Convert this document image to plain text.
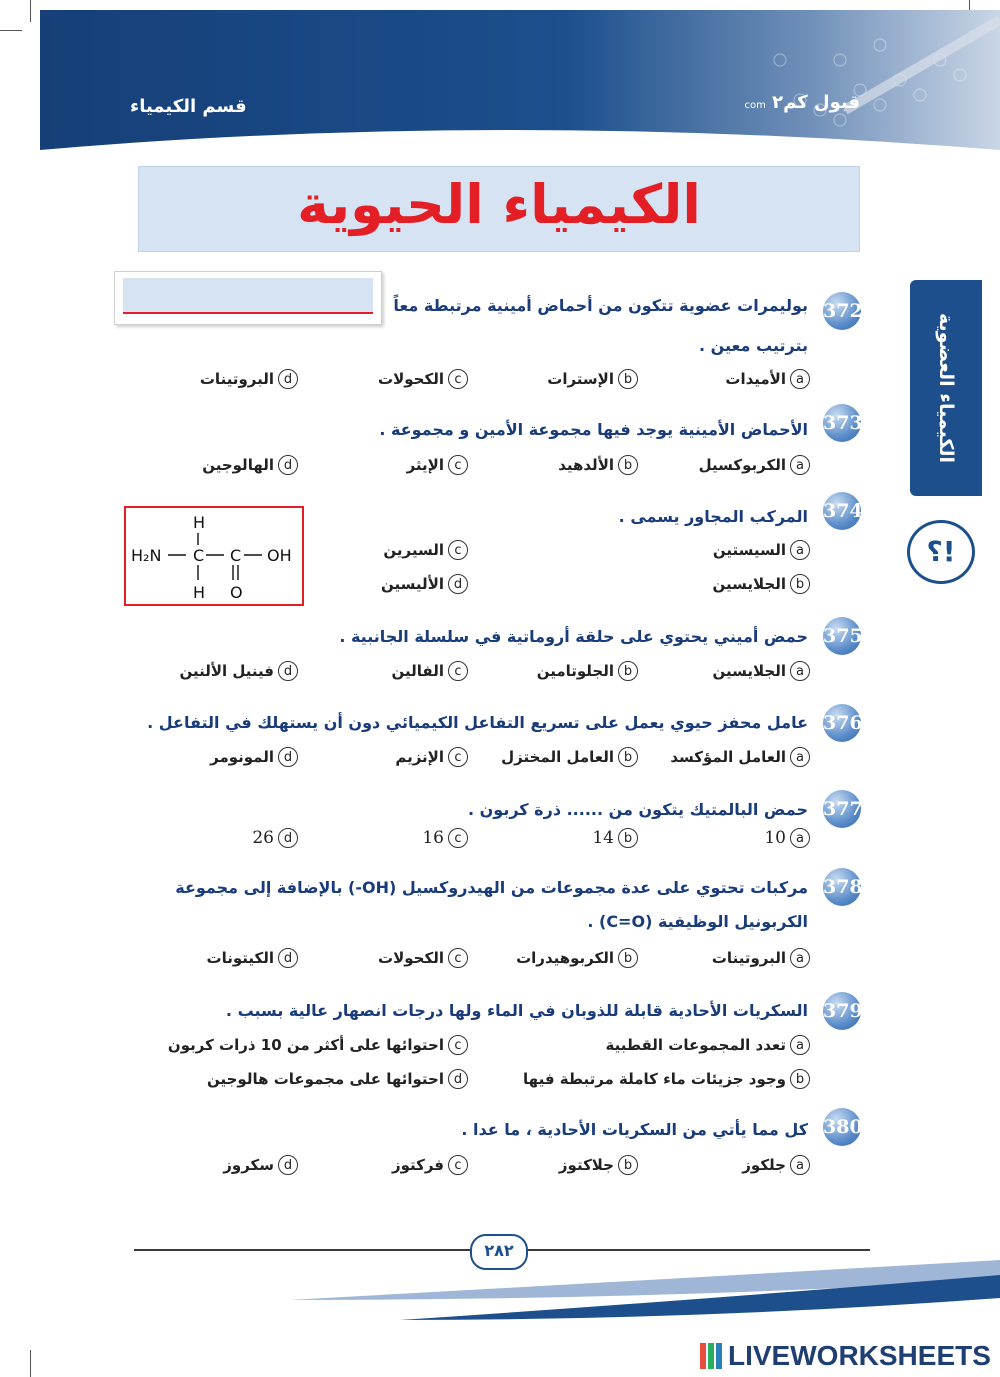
قسم الكيمياء	قبول كم٢ com
الكيمياء الحيوية
الكيمياء العضوية
؟!
372
بوليمرات عضوية تتكون من أحماض أمينية مرتبطة معاً
بترتيب معين .
a
الأميدات
b
الإسترات
c
الكحولات
d
البروتينات
373
الأحماض الأمينية يوجد فيها مجموعة الأمين و مجموعة .
a
الكربوكسيل
b
الألدهيد
c
الإيثر
d
الهالوجين
374
المركب المجاور يسمى .
a
السيستين
b
الجلايسين
c
السيرين
d
الأليسين
H
H₂N C C OH
H O
375
حمض أميني يحتوي على حلقة أروماتية في سلسلة الجانبية .
a
الجلايسين
b
الجلوتامين
c
الفالين
d
فينيل الألنين
376
عامل محفز حيوي يعمل على تسريع التفاعل الكيميائي دون أن يستهلك في التفاعل .
a
العامل المؤكسد
b
العامل المختزل
c
الإنزيم
d
المونومر
377
حمض البالمتيك يتكون من ...... ذرة كربون .
a
10
b
14
c
16
d
26
378
مركبات تحتوي على عدة مجموعات من الهيدروكسيل (OH-) بالإضافة إلى مجموعة
الكربونيل الوظيفية (C=O) .
a
البروتينات
b
الكربوهيدرات
c
الكحولات
d
الكيتونات
379
السكريات الأحادية قابلة للذوبان في الماء ولها درجات انصهار عالية بسبب .
a
تعدد المجموعات القطبية
b
وجود جزيئات ماء كاملة مرتبطة فيها
c
احتوائها على أكثر من 10 ذرات كربون
d
احتوائها على مجموعات هالوجين
380
كل مما يأتي من السكريات الأحادية ، ما عدا .
a
جلكوز
b
جلاكتوز
c
فركتوز
d
سكروز
٢٨٢
LIVEWORKSHEETS
